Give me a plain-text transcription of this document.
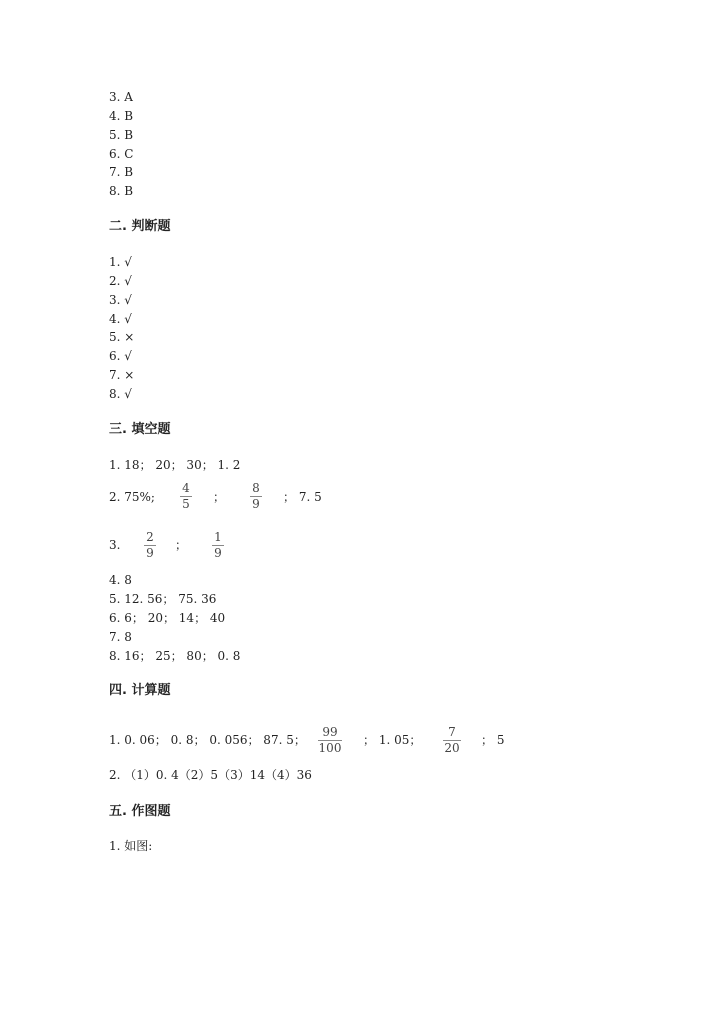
3. A
4. B
5. B
6. C
7. B
8. B
二. 判断题
1. √
2. √
3. √
4. √
5. ×
6. √
7. ×
8. √
三. 填空题
1. 18； 20； 30； 1. 2
2. 75%;
4
5 ；
8
9 ； 7. 5
3.
2
9
；
1
9
4. 8
5. 12. 56； 75. 36
6. 6； 20； 14； 40
7. 8
8. 16； 25； 80； 0. 8
四. 计算题
1. 0. 06； 0. 8； 0. 056； 87. 5；
99
100
； 1. 05；
7
20
； 5
2. （1）0. 4（2）5（3）14（4）36
五. 作图题
1. 如图:
